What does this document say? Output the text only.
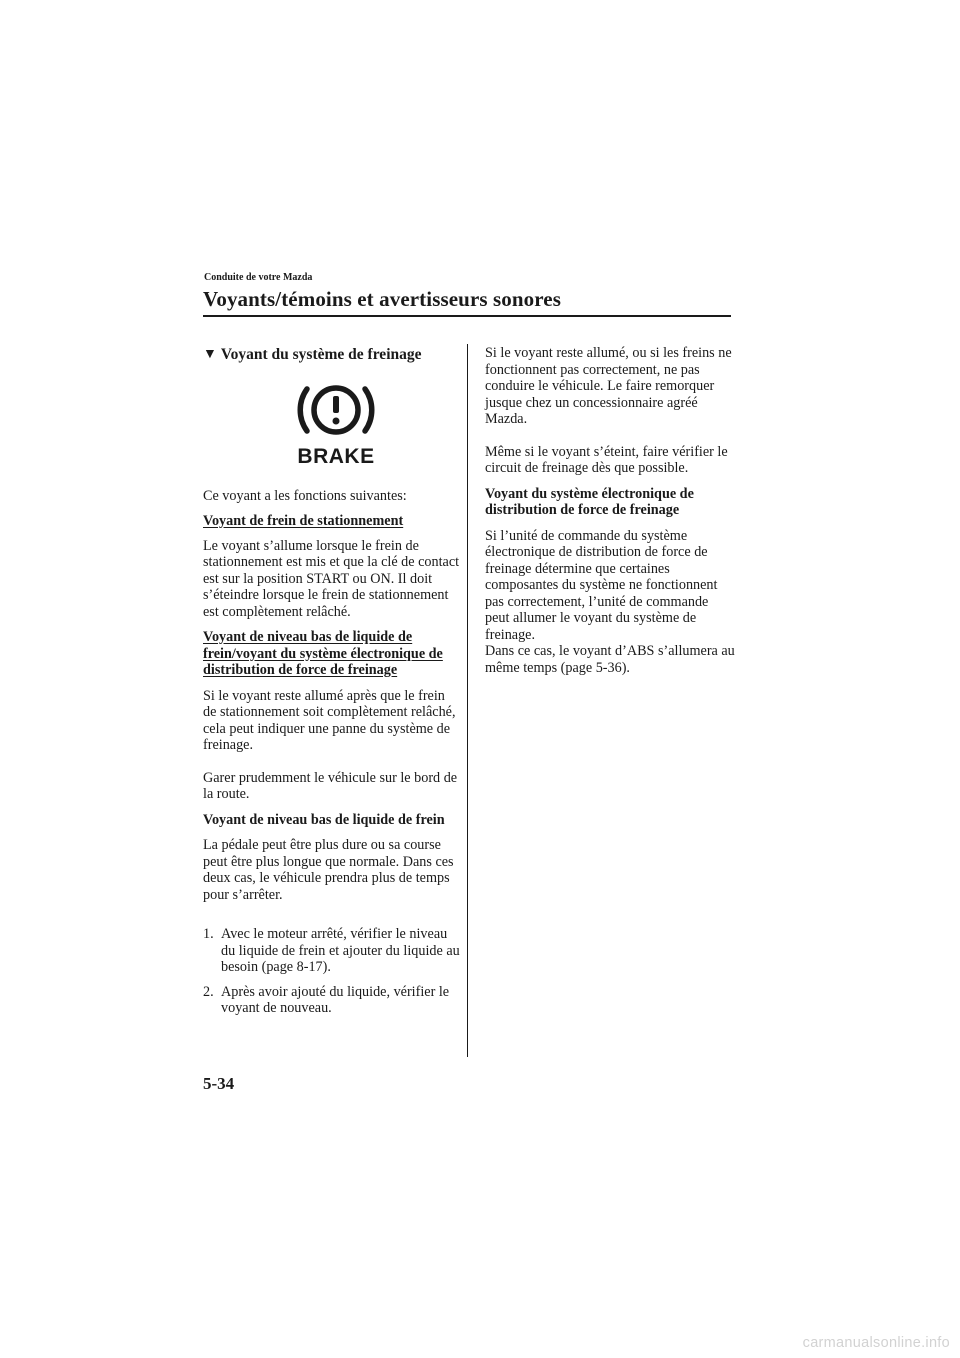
Conduite de votre Mazda
Voyants/témoins et avertisseurs sonores
▼ Voyant du système de freinage
BRAKE

Ce voyant a les fonctions suivantes:

Voyant de frein de stationnement

Le voyant s’allume lorsque le frein de stationnement est mis et que la clé de contact est sur la position START ou ON. Il doit s’éteindre lorsque le frein de stationnement est complètement relâché.

Voyant de niveau bas de liquide de frein/voyant du système électronique de distribution de force de freinage

Si le voyant reste allumé après que le frein de stationnement soit complètement relâché, cela peut indiquer une panne du système de freinage.

Garer prudemment le véhicule sur le bord de la route.

Voyant de niveau bas de liquide de frein

La pédale peut être plus dure ou sa course peut être plus longue que normale. Dans ces deux cas, le véhicule prendra plus de temps pour s’arrêter.

1. Avec le moteur arrêté, vérifier le niveau du liquide de frein et ajouter du liquide au besoin (page 8-17).
2. Après avoir ajouté du liquide, vérifier le voyant de nouveau.

Si le voyant reste allumé, ou si les freins ne fonctionnent pas correctement, ne pas conduire le véhicule. Le faire remorquer jusque chez un concessionnaire agréé Mazda.

Même si le voyant s’éteint, faire vérifier le circuit de freinage dès que possible.

Voyant du système électronique de distribution de force de freinage

Si l’unité de commande du système électronique de distribution de force de freinage détermine que certaines composantes du système ne fonctionnent pas correctement, l’unité de commande peut allumer le voyant du système de freinage.

Dans ce cas, le voyant d’ABS s’allumera au même temps (page 5-36).

5-34
carmanualsonline.info
